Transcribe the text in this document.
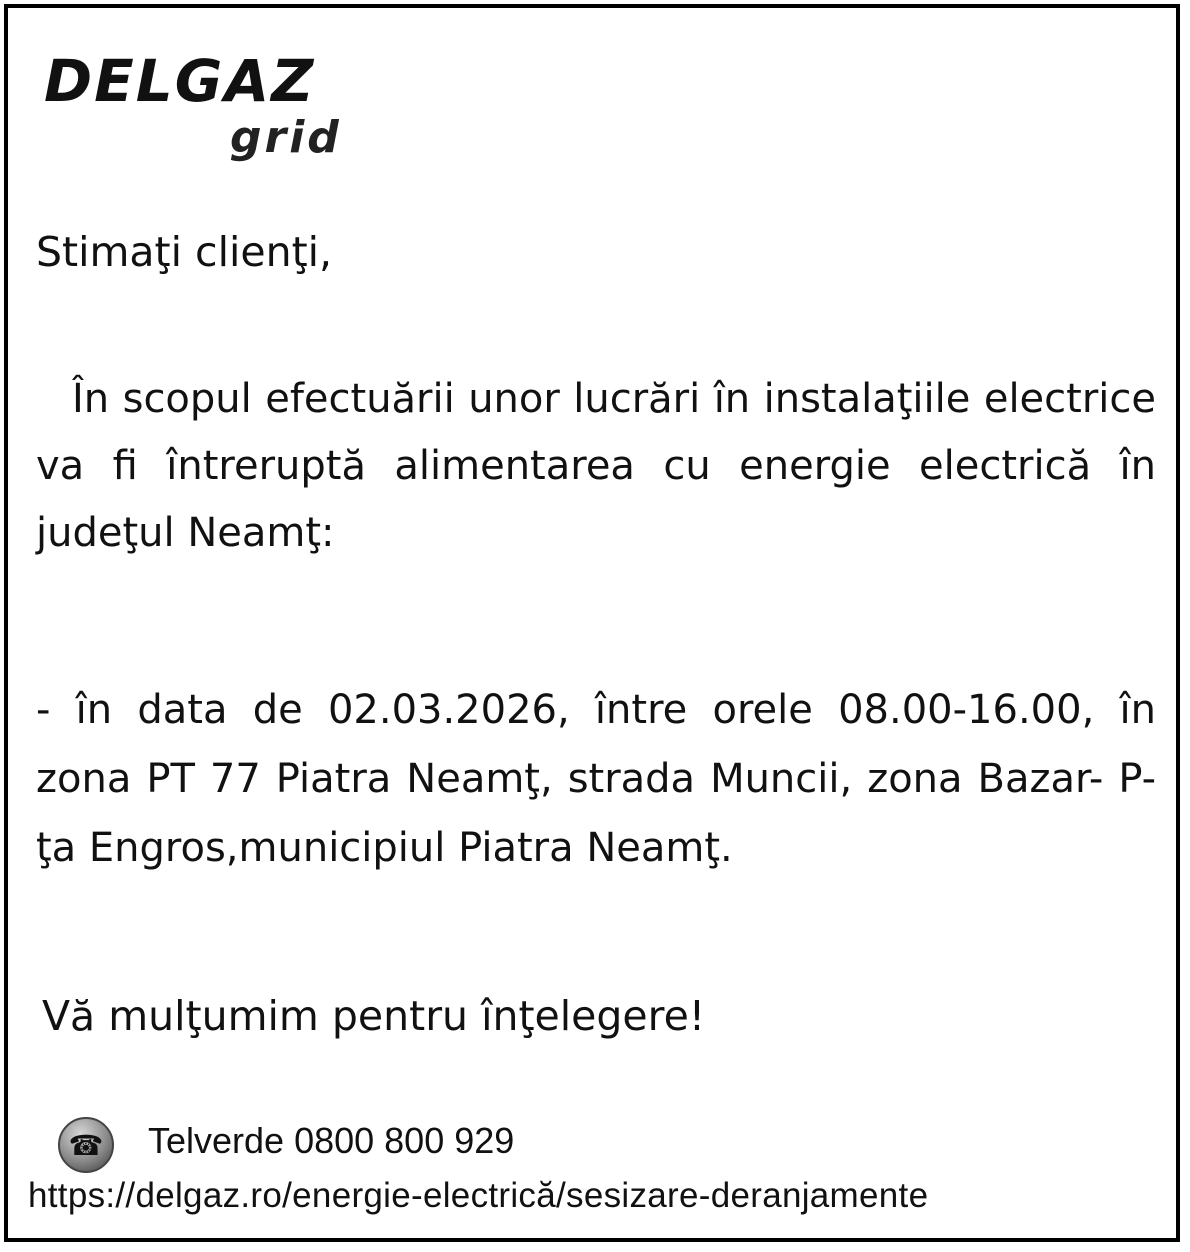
DELGAZ
grid
Stimaţi clienţi,
În scopul efectuării unor lucrări în instalaţiile electrice va fi întreruptă alimentarea cu energie electrică în judeţul Neamţ:
- în data de 02.03.2026, între orele 08.00-16.00, în zona PT 77 Piatra Neamţ, strada Muncii, zona Bazar- P-ţa Engros,municipiul Piatra Neamţ.
Vă mulţumim pentru înţelegere!
☎ Telverde 0800 800 929
https://delgaz.ro/energie-electrică/sesizare-deranjamente
